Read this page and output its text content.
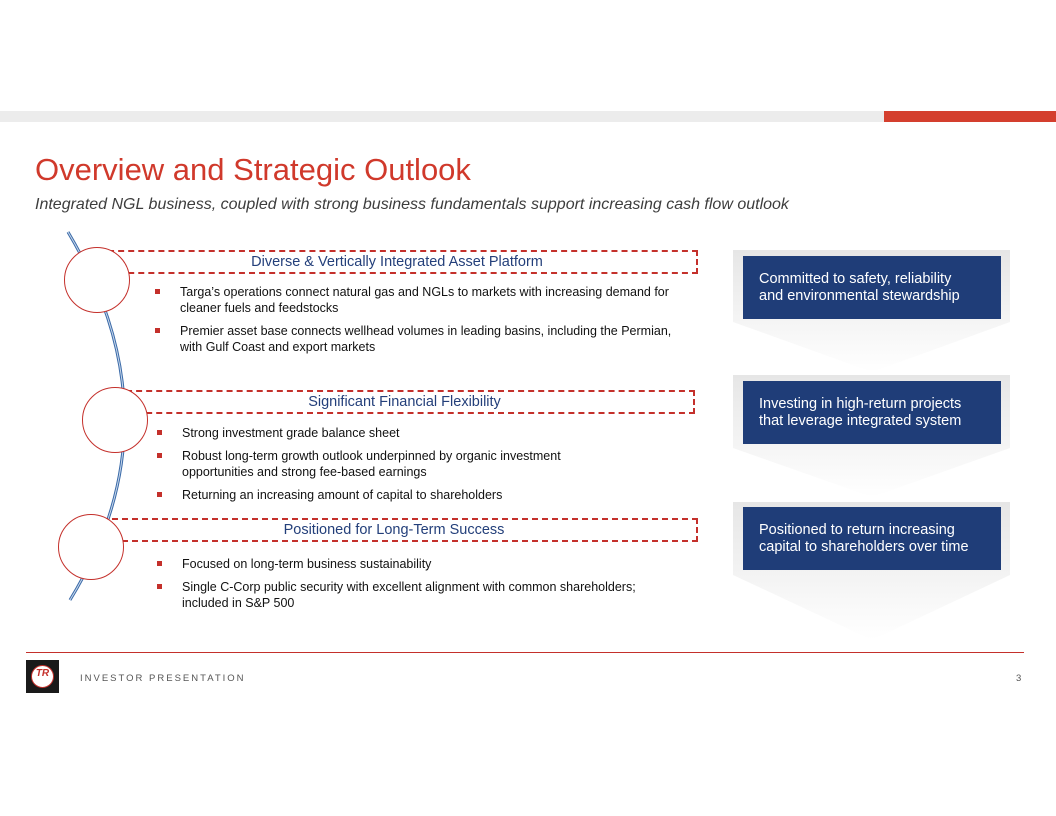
Overview and Strategic Outlook
Integrated NGL business, coupled with strong business fundamentals support increasing cash flow outlook
Diverse & Vertically Integrated Asset Platform
Targa’s operations connect natural gas and NGLs to markets with increasing demand for cleaner fuels and feedstocks
Premier asset base connects wellhead volumes in leading basins, including the Permian, with Gulf Coast and export markets
Significant Financial Flexibility
Strong investment grade balance sheet
Robust long-term growth outlook underpinned by organic investment opportunities and strong fee-based earnings
Returning an increasing amount of capital to shareholders
Positioned for Long-Term Success
Focused on long-term business sustainability
Single C-Corp public security with excellent alignment with common shareholders; included in S&P 500
Committed to safety, reliability
and environmental stewardship
Investing in high-return projects
that leverage integrated system
Positioned to return increasing
capital to shareholders over time
TR	INVESTOR PRESENTATION	3
